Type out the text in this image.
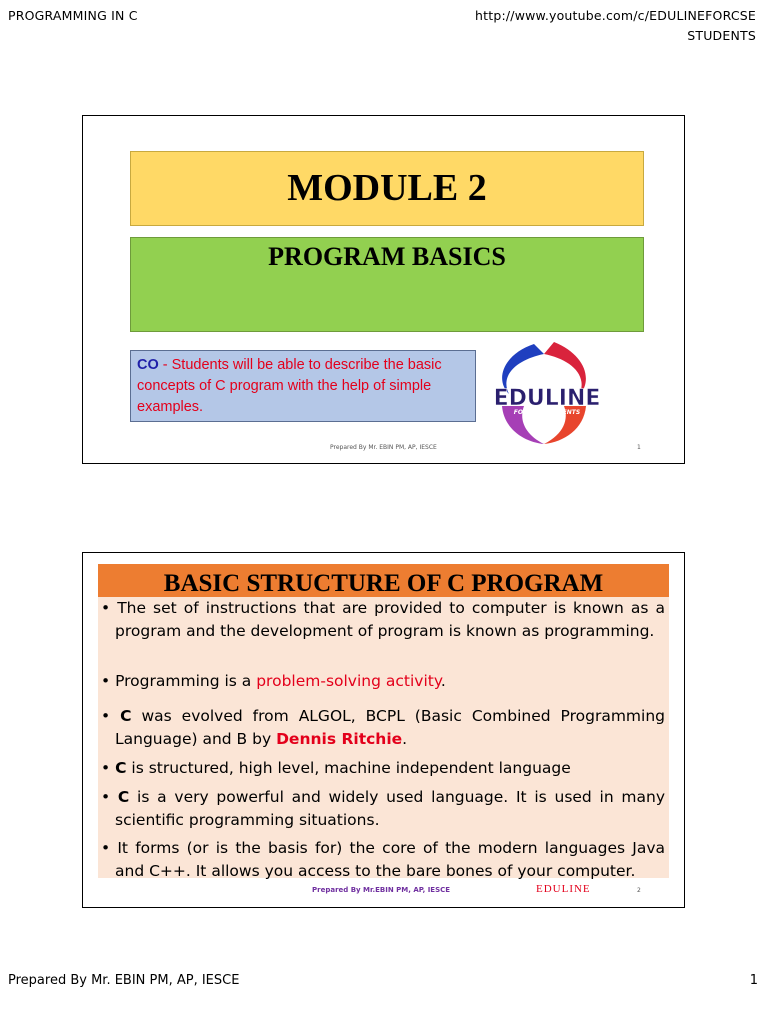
PROGRAMMING IN C	http://www.youtube.com/c/EDULINEFORCSE
STUDENTS
MODULE 2
PROGRAM BASICS
CO - Students will be able to describe the basic concepts of C program with the help of simple examples.	EDULINE
FOR CSE STUDENTS
Prepared By Mr. EBIN PM, AP, IESCE	1
BASIC STRUCTURE OF C PROGRAM
• The set of instructions that are provided to computer is known as a program and the development of program is known as programming.
• Programming is a problem-solving activity.
• C was evolved from ALGOL, BCPL (Basic Combined Programming Language) and B by Dennis Ritchie.
• C is structured, high level, machine independent language
• C is a very powerful and widely used language. It is used in many scientific programming situations.
• It forms (or is the basis for) the core of the modern languages Java and C++. It allows you access to the bare bones of your computer.
Prepared By Mr.EBIN PM, AP, IESCE	EDULINE	2
Prepared By Mr. EBIN PM, AP, IESCE	1
